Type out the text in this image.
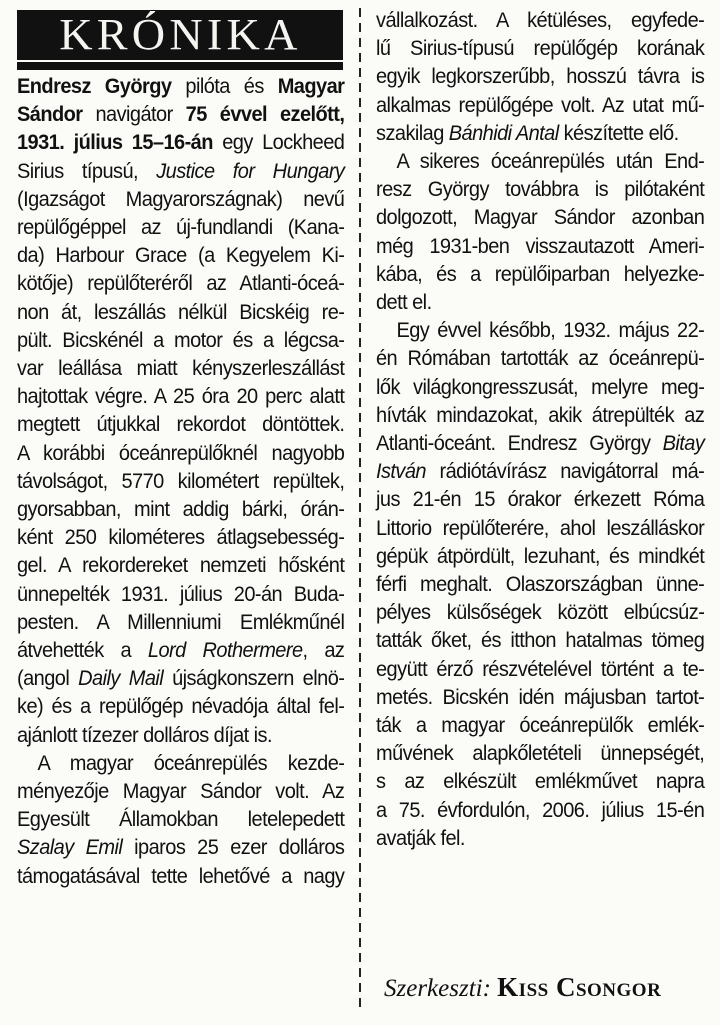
KRÓNIKA
Endresz György pilóta és Magyar
Sándor navigátor 75 évvel ezelőtt,
1931. július 15–16-án egy Lockheed
Sirius típusú, Justice for Hungary
(Igazságot Magyarországnak) nevű
repülőgéppel az új-fundlandi (Kana-
da) Harbour Grace (a Kegyelem Ki-
kötője) repülőteréről az Atlanti-óceá-
non át, leszállás nélkül Bicskéig re-
pült. Bicskénél a motor és a légcsa-
var leállása miatt kényszerleszállást
hajtottak végre. A 25 óra 20 perc alatt
megtett útjukkal rekordot döntöttek.
A korábbi óceánrepülőknél nagyobb
távolságot, 5770 kilométert repültek,
gyorsabban, mint addig bárki, órán-
ként 250 kilométeres átlagsebesség-
gel. A rekordereket nemzeti hősként
ünnepelték 1931. július 20-án Buda-
pesten. A Millenniumi Emlékműnél
átvehették a Lord Rothermere, az
(angol Daily Mail újságkonszern elnö-
ke) és a repülőgép névadója által fel-
ajánlott tízezer dolláros díjat is.
A magyar óceánrepülés kezde-
ményezője Magyar Sándor volt. Az
Egyesült Államokban letelepedett
Szalay Emil iparos 25 ezer dolláros
támogatásával tette lehetővé a nagy
vállalkozást. A kétüléses, egyfede-
lű Sirius-típusú repülőgép korának
egyik legkorszerűbb, hosszú távra is
alkalmas repülőgépe volt. Az utat mű-
szakilag Bánhidi Antal készítette elő.
A sikeres óceánrepülés után End-
resz György továbbra is pilótaként
dolgozott, Magyar Sándor azonban
még 1931-ben visszautazott Ameri-
kába, és a repülőiparban helyezke-
dett el.
Egy évvel később, 1932. május 22-
én Rómában tartották az óceánrepü-
lők világkongresszusát, melyre meg-
hívták mindazokat, akik átrepülték az
Atlanti-óceánt. Endresz György Bitay
István rádiótávírász navigátorral má-
jus 21-én 15 órakor érkezett Róma
Littorio repülőterére, ahol leszálláskor
gépük átpördült, lezuhant, és mindkét
férfi meghalt. Olaszországban ünne-
pélyes külsőségek között elbúcsúz-
tatták őket, és itthon hatalmas tömeg
együtt érző részvételével történt a te-
metés. Bicskén idén májusban tartot-
ták a magyar óceánrepülők emlék-
művének alapkőletételi ünnepségét,
s az elkészült emlékművet napra
a 75. évfordulón, 2006. július 15-én
avatják fel.
Szerkeszti: Kiss Csongor
